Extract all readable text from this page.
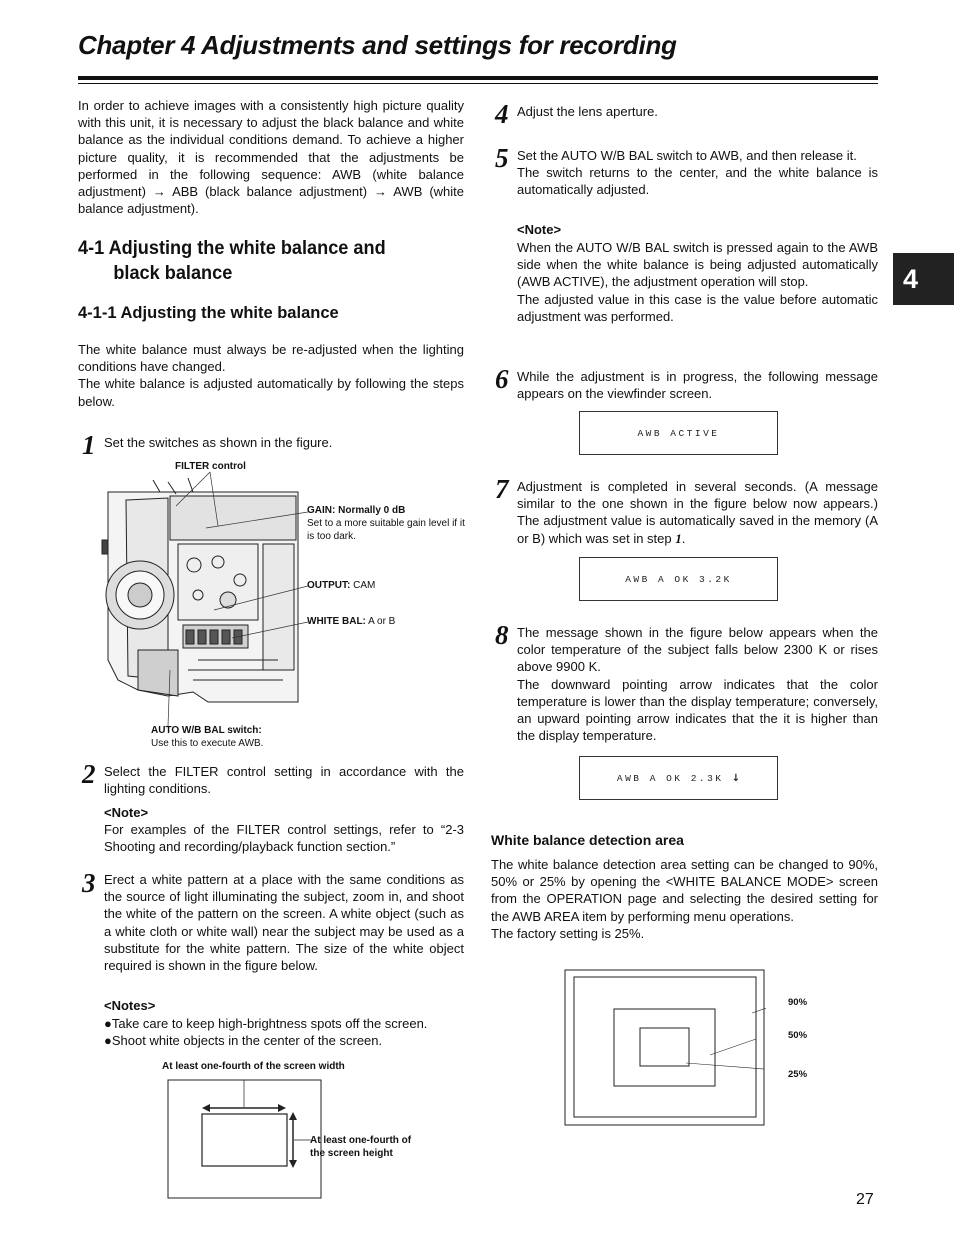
Chapter 4 Adjustments and settings for recording
In order to achieve images with a consistently high picture quality with this unit, it is necessary to adjust the black balance and white balance as the individual conditions demand. To achieve a higher picture quality, it is recommended that the adjustments be performed in the following sequence: AWB (white balance adjustment) → ABB (black balance adjustment) → AWB (white balance adjustment).
4-1 Adjusting the white balance and
black balance
4-1-1 Adjusting the white balance
The white balance must always be re-adjusted when the lighting conditions have changed.
The white balance is adjusted automatically by following the steps below.
1 Set the switches as shown in the figure.
FILTER control
GAIN: Normally 0 dB
Set to a more suitable gain level if it is too dark.
OUTPUT: CAM
WHITE BAL: A or B
AUTO W/B BAL switch:
Use this to execute AWB.
2 Select the FILTER control setting in accordance with the lighting conditions.
<Note>
For examples of the FILTER control settings, refer to “2-3 Shooting and recording/playback function section.”
3 Erect a white pattern at a place with the same conditions as the source of light illuminating the subject, zoom in, and shoot the white of the pattern on the screen. A white object (such as a white cloth or white wall) near the subject may be used as a substitute for the white pattern. The size of the white object required is shown in the figure below.
<Notes>
●Take care to keep high-brightness spots off the screen.
●Shoot white objects in the center of the screen.
At least one-fourth of the screen width
At least one-fourth of
the screen height
4 Adjust the lens aperture.
5 Set the AUTO W/B BAL switch to AWB, and then release it.
The switch returns to the center, and the white balance is automatically adjusted.
<Note>
When the AUTO W/B BAL switch is pressed again to the AWB side when the white balance is being adjusted automatically (AWB ACTIVE), the adjustment operation will stop.
The adjusted value in this case is the value before automatic adjustment was performed.
6 While the adjustment is in progress, the following message appears on the viewfinder screen.
AWB ACTIVE
7 Adjustment is completed in several seconds. (A message similar to the one shown in the figure below now appears.) The adjustment value is automatically saved in the memory (A or B) which was set in step 1.
AWB A OK 3.2K
8 The message shown in the figure below appears when the color temperature of the subject falls below 2300 K or rises above 9900 K.
The downward pointing arrow indicates that the color temperature is lower than the display temperature; conversely, an upward pointing arrow indicates that the it is higher than the display temperature.
AWB A OK 2.3K
↓
White balance detection area
The white balance detection area setting can be changed to 90%, 50% or 25% by opening the <WHITE BALANCE MODE> screen from the OPERATION page and selecting the desired setting for the AWB AREA item by performing menu operations.
The factory setting is 25%.
90%
50%
25%
4
27
